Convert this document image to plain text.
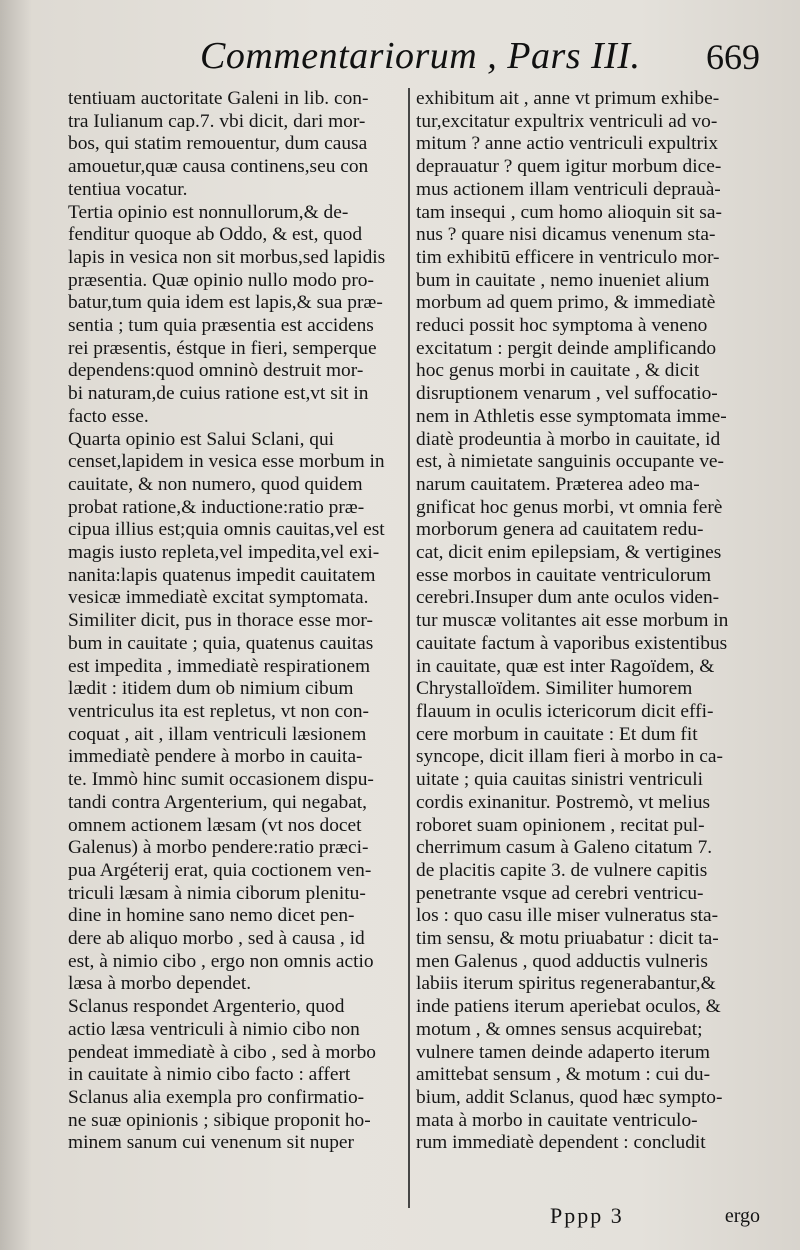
Commentariorum , Pars III. 669
tentiuam auctoritate Galeni in lib. con-
tra Iulianum cap.7. vbi dicit, dari mor-
bos, qui statim remouentur, dum causa
amouetur,quæ causa continens,seu con
tentiua vocatur.
Tertia opinio est nonnullorum,& de-
fenditur quoque ab Oddo, & est, quod
lapis in vesica non sit morbus,sed lapidis
præsentia. Quæ opinio nullo modo pro-
batur,tum quia idem est lapis,& sua præ-
sentia ; tum quia præsentia est accidens
rei præsentis, éstque in fieri, semperque
dependens:quod omninò destruit mor-
bi naturam,de cuius ratione est,vt sit in
facto esse.
Quarta opinio est Salui Sclani, qui
censet,lapidem in vesica esse morbum in
cauitate, & non numero, quod quidem
probat ratione,& inductione:ratio præ-
cipua illius est;quia omnis cauitas,vel est
magis iusto repleta,vel impedita,vel exi-
nanita:lapis quatenus impedit cauitatem
vesicæ immediatè excitat symptomata.
Similiter dicit, pus in thorace esse mor-
bum in cauitate ; quia, quatenus cauitas
est impedita , immediatè respirationem
lædit : itidem dum ob nimium cibum
ventriculus ita est repletus, vt non con-
coquat , ait , illam ventriculi læsionem
immediatè pendere à morbo in cauita-
te. Immò hinc sumit occasionem dispu-
tandi contra Argenterium, qui negabat,
omnem actionem læsam (vt nos docet
Galenus) à morbo pendere:ratio præci-
pua Argéterij erat, quia coctionem ven-
triculi læsam à nimia ciborum plenitu-
dine in homine sano nemo dicet pen-
dere ab aliquo morbo , sed à causa , id
est, à nimio cibo , ergo non omnis actio
læsa à morbo dependet.
Sclanus respondet Argenterio, quod
actio læsa ventriculi à nimio cibo non
pendeat immediatè à cibo , sed à morbo
in cauitate à nimio cibo facto : affert
Sclanus alia exempla pro confirmatio-
ne suæ opinionis ; sibique proponit ho-
minem sanum cui venenum sit nuper
exhibitum ait , anne vt primum exhibe-
tur,excitatur expultrix ventriculi ad vo-
mitum ? anne actio ventriculi expultrix
deprauatur ? quem igitur morbum dice-
mus actionem illam ventriculi deprauà-
tam insequi , cum homo alioquin sit sa-
nus ? quare nisi dicamus venenum sta-
tim exhibitū efficere in ventriculo mor-
bum in cauitate , nemo inueniet alium
morbum ad quem primo, & immediatè
reduci possit hoc symptoma à veneno
excitatum : pergit deinde amplificando
hoc genus morbi in cauitate , & dicit
disruptionem venarum , vel suffocatio-
nem in Athletis esse symptomata imme-
diatè prodeuntia à morbo in cauitate, id
est, à nimietate sanguinis occupante ve-
narum cauitatem. Præterea adeo ma-
gnificat hoc genus morbi, vt omnia ferè
morborum genera ad cauitatem redu-
cat, dicit enim epilepsiam, & vertigines
esse morbos in cauitate ventriculorum
cerebri.Insuper dum ante oculos viden-
tur muscæ volitantes ait esse morbum in
cauitate factum à vaporibus existentibus
in cauitate, quæ est inter Ragoïdem, &
Chrystalloïdem. Similiter humorem
flauum in oculis ictericorum dicit effi-
cere morbum in cauitate : Et dum fit
syncope, dicit illam fieri à morbo in ca-
uitate ; quia cauitas sinistri ventriculi
cordis exinanitur. Postremò, vt melius
roboret suam opinionem , recitat pul-
cherrimum casum à Galeno citatum 7.
de placitis capite 3. de vulnere capitis
penetrante vsque ad cerebri ventricu-
los : quo casu ille miser vulneratus sta-
tim sensu, & motu priuabatur : dicit ta-
men Galenus , quod adductis vulneris
labiis iterum spiritus regenerabantur,&
inde patiens iterum aperiebat oculos, &
motum , & omnes sensus acquirebat;
vulnere tamen deinde adaperto iterum
amittebat sensum , & motum : cui du-
bium, addit Sclanus, quod hæc sympto-
mata à morbo in cauitate ventriculo-
rum immediatè dependent : concludit
Pppp 3	ergo
